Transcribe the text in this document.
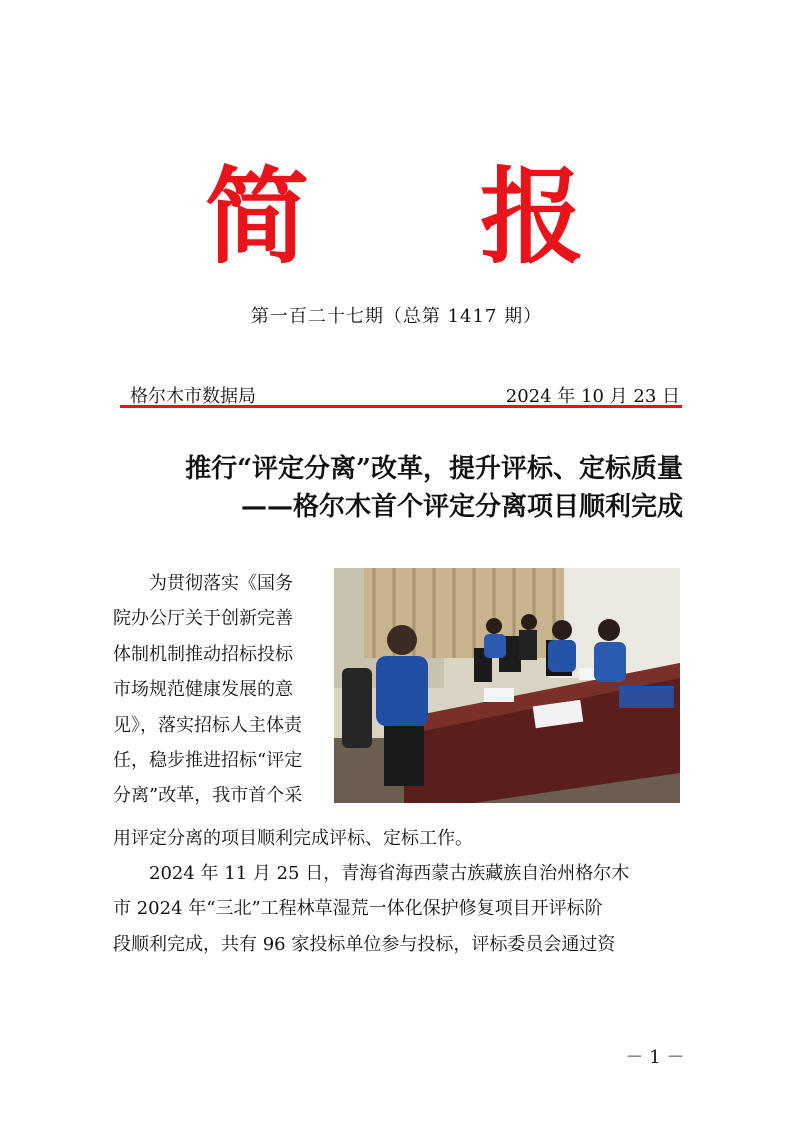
简 报
第一百二十七期（总第 1417 期）
格尔木市数据局	2024 年 10 月 23 日
推行“评定分离”改革，提升评标、定标质量
——格尔木首个评定分离项目顺利完成
　　为贯彻落实《国务
院办公厅关于创新完善
体制机制推动招标投标
市场规范健康发展的意
见》，落实招标人主体责
任，稳步推进招标“评定
分离”改革，我市首个采
用评定分离的项目顺利完成评标、定标工作。
　　2024 年 11 月 25 日，青海省海西蒙古族藏族自治州格尔木
市 2024 年“三北”工程林草湿荒一体化保护修复项目开评标阶
段顺利完成，共有 96 家投标单位参与投标，评标委员会通过资
－ 1 －
